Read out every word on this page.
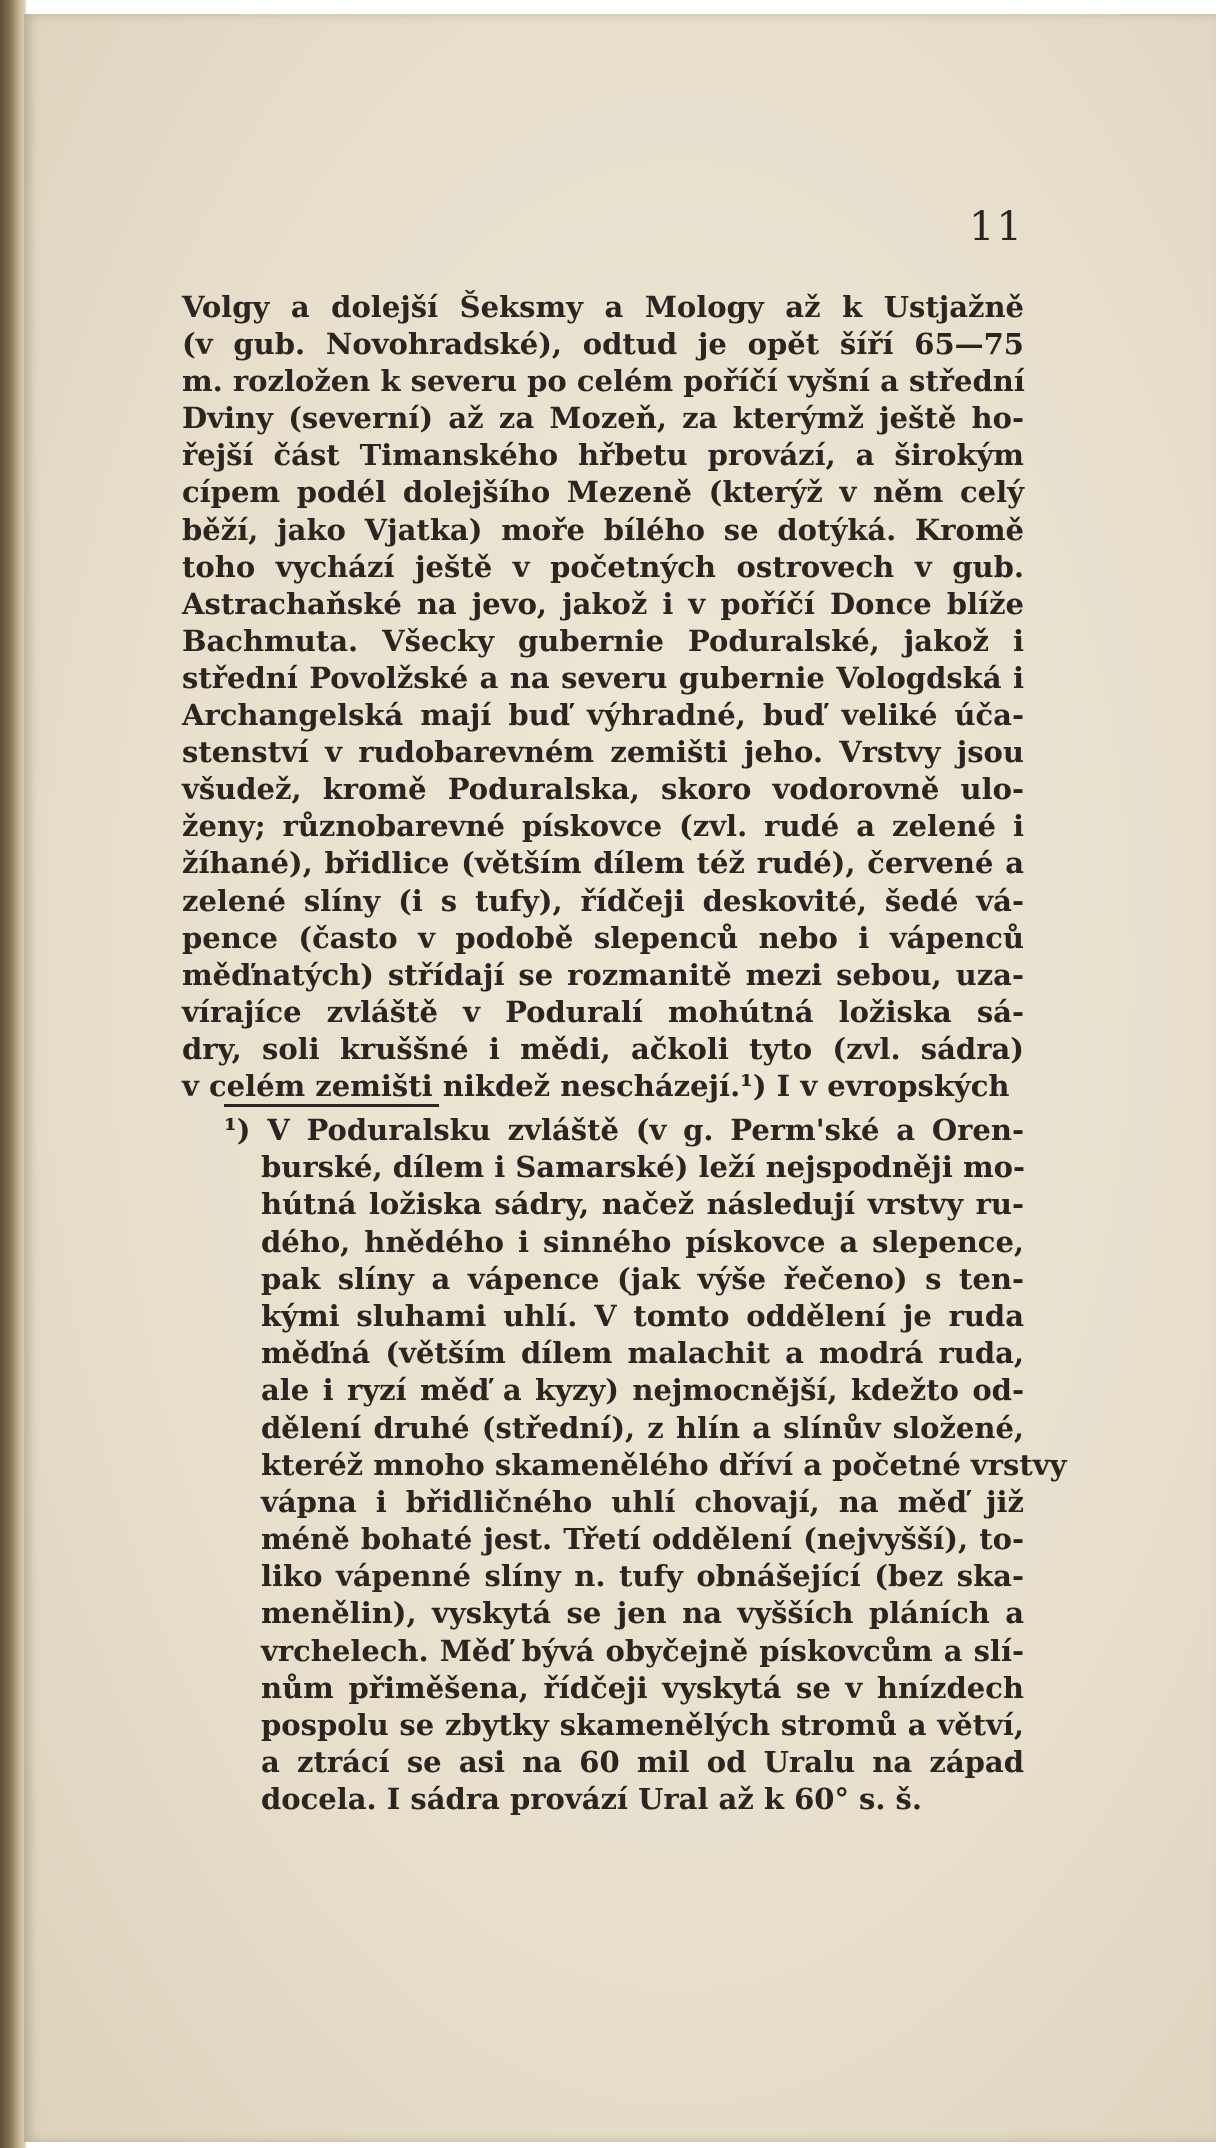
11
Volgy a dolejší Šeksmy a Mology až k Ustjažně
(v gub. Novohradské), odtud je opět šíří 65—75
m. rozložen k severu po celém poříčí vyšní a střední
Dviny (severní) až za Mozeň, za kterýmž ještě ho-
řejší část Timanského hřbetu provází, a širokým
cípem podél dolejšího Mezeně (kterýž v něm celý
běží, jako Vjatka) moře bílého se dotýká. Kromě
toho vychází ještě v početných ostrovech v gub.
Astrachaňské na jevo, jakož i v poříčí Donce blíže
Bachmuta. Všecky gubernie Poduralské, jakož i
střední Povolžské a na severu gubernie Vologdská i
Archangelská mají buď výhradné, buď veliké úča-
stenství v rudobarevném zemišti jeho. Vrstvy jsou
všudež, kromě Poduralska, skoro vodorovně ulo-
ženy; různobarevné pískovce (zvl. rudé a zelené i
žíhané), břidlice (větším dílem též rudé), červené a
zelené slíny (i s tufy), řídčeji deskovité, šedé vá-
pence (často v podobě slepenců nebo i vápenců
měďnatých) střídají se rozmanitě mezi sebou, uza-
vírajíce zvláště v Poduralí mohútná ložiska sá-
dry, soli kruššné i mědi, ačkoli tyto (zvl. sádra)
v celém zemišti nikdež nescházejí.¹) I v evropských
¹) V Poduralsku zvláště (v g. Perm'ské a Oren-
burské, dílem i Samarské) leží nejspodněji mo-
hútná ložiska sádry, načež následují vrstvy ru-
dého, hnědého i sinného pískovce a slepence,
pak slíny a vápence (jak výše řečeno) s ten-
kými sluhami uhlí. V tomto oddělení je ruda
měďná (větším dílem malachit a modrá ruda,
ale i ryzí měď a kyzy) nejmocnější, kdežto od-
dělení druhé (střední), z hlín a slínův složené,
kteréž mnoho skamenělého dříví a početné vrstvy
vápna i břidličného uhlí chovají, na měď již
méně bohaté jest. Třetí oddělení (nejvyšší), to-
liko vápenné slíny n. tufy obnášející (bez ska-
menělin), vyskytá se jen na vyšších pláních a
vrchelech. Měď bývá obyčejně pískovcům a slí-
nům přiměšena, řídčeji vyskytá se v hnízdech
pospolu se zbytky skamenělých stromů a větví,
a ztrácí se asi na 60 mil od Uralu na západ
docela. I sádra provází Ural až k 60° s. š.
